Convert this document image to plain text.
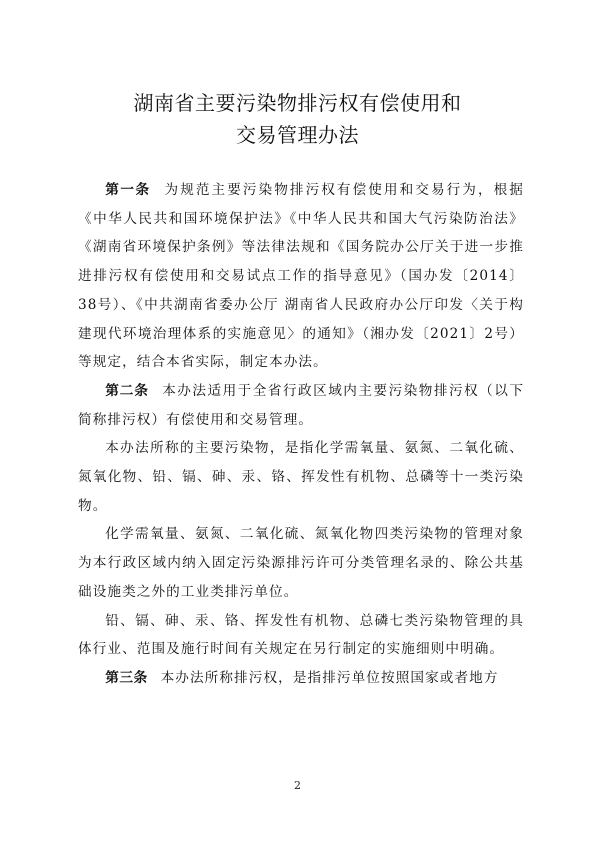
湖南省主要污染物排污权有偿使用和
交易管理办法

第一条  为规范主要污染物排污权有偿使用和交易行为，根据《中华人民共和国环境保护法》《中华人民共和国大气污染防治法》《湖南省环境保护条例》等法律法规和《国务院办公厅关于进一步推进排污权有偿使用和交易试点工作的指导意见》（国办发〔2014〕38号）、《中共湖南省委办公厅 湖南省人民政府办公厅印发〈关于构建现代环境治理体系的实施意见〉的通知》（湘办发〔2021〕2号）等规定，结合本省实际，制定本办法。

第二条  本办法适用于全省行政区域内主要污染物排污权（以下简称排污权）有偿使用和交易管理。

本办法所称的主要污染物，是指化学需氧量、氨氮、二氧化硫、氮氧化物、铅、镉、砷、汞、铬、挥发性有机物、总磷等十一类污染物。

化学需氧量、氨氮、二氧化硫、氮氧化物四类污染物的管理对象为本行政区域内纳入固定污染源排污许可分类管理名录的、除公共基础设施类之外的工业类排污单位。

铅、镉、砷、汞、铬、挥发性有机物、总磷七类污染物管理的具体行业、范围及施行时间有关规定在另行制定的实施细则中明确。

第三条  本办法所称排污权，是指排污单位按照国家或者地方

2
